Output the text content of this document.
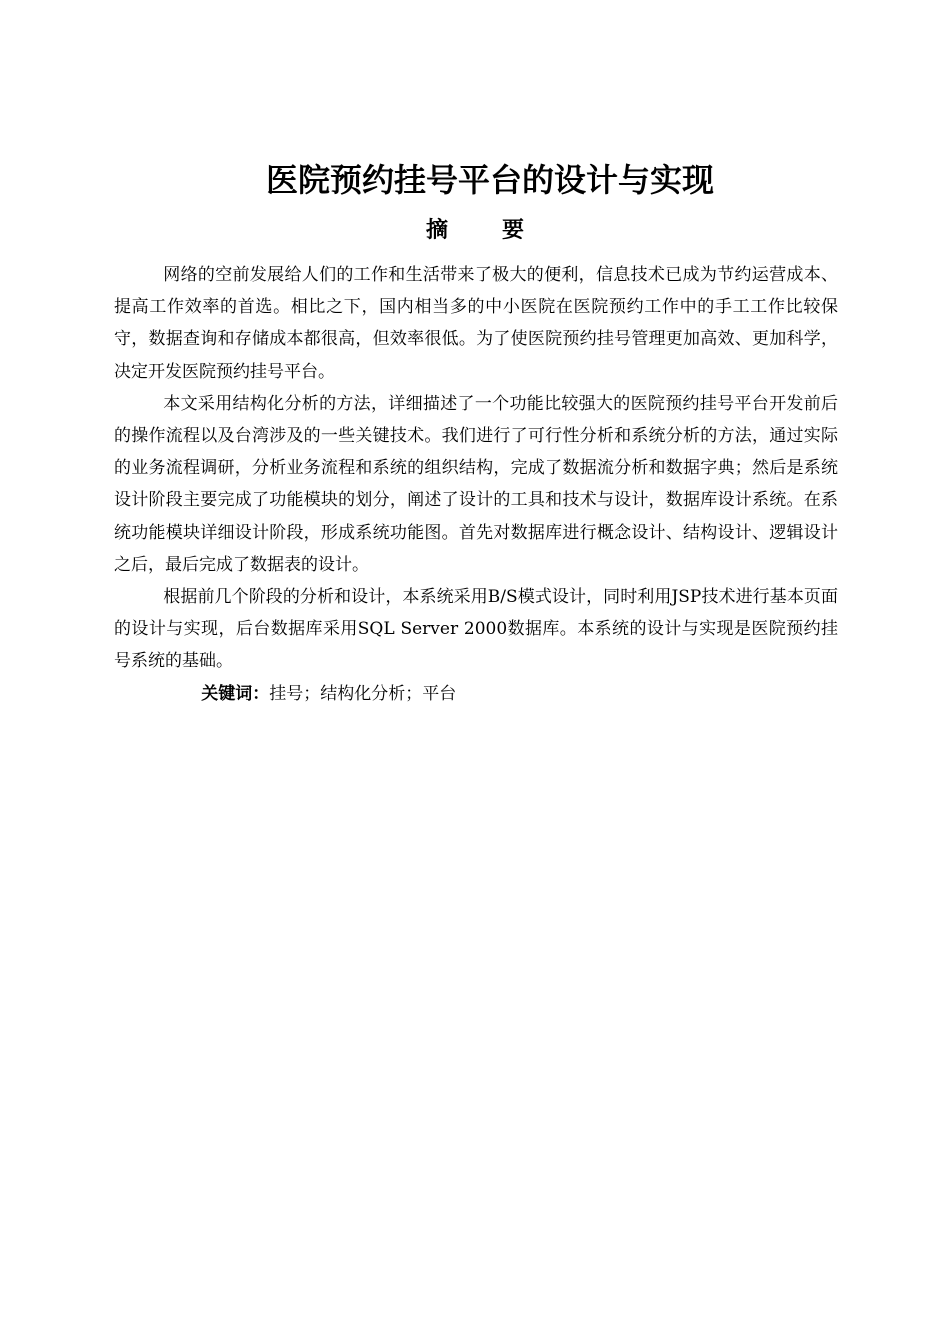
医院预约挂号平台的设计与实现
摘 要

网络的空前发展给人们的工作和生活带来了极大的便利，信息技术已成为节约运营成本、提高工作效率的首选。相比之下，国内相当多的中小医院在医院预约工作中的手工工作比较保守，数据查询和存储成本都很高，但效率很低。为了使医院预约挂号管理更加高效、更加科学，决定开发医院预约挂号平台。

本文采用结构化分析的方法，详细描述了一个功能比较强大的医院预约挂号平台开发前后的操作流程以及台湾涉及的一些关键技术。我们进行了可行性分析和系统分析的方法，通过实际的业务流程调研，分析业务流程和系统的组织结构，完成了数据流分析和数据字典；然后是系统设计阶段主要完成了功能模块的划分，阐述了设计的工具和技术与设计，数据库设计系统。在系统功能模块详细设计阶段，形成系统功能图。首先对数据库进行概念设计、结构设计、逻辑设计之后，最后完成了数据表的设计。

根据前几个阶段的分析和设计，本系统采用B/S模式设计，同时利用JSP技术进行基本页面的设计与实现，后台数据库采用SQL Server 2000数据库。本系统的设计与实现是医院预约挂号系统的基础。

关键词：挂号；结构化分析；平台
